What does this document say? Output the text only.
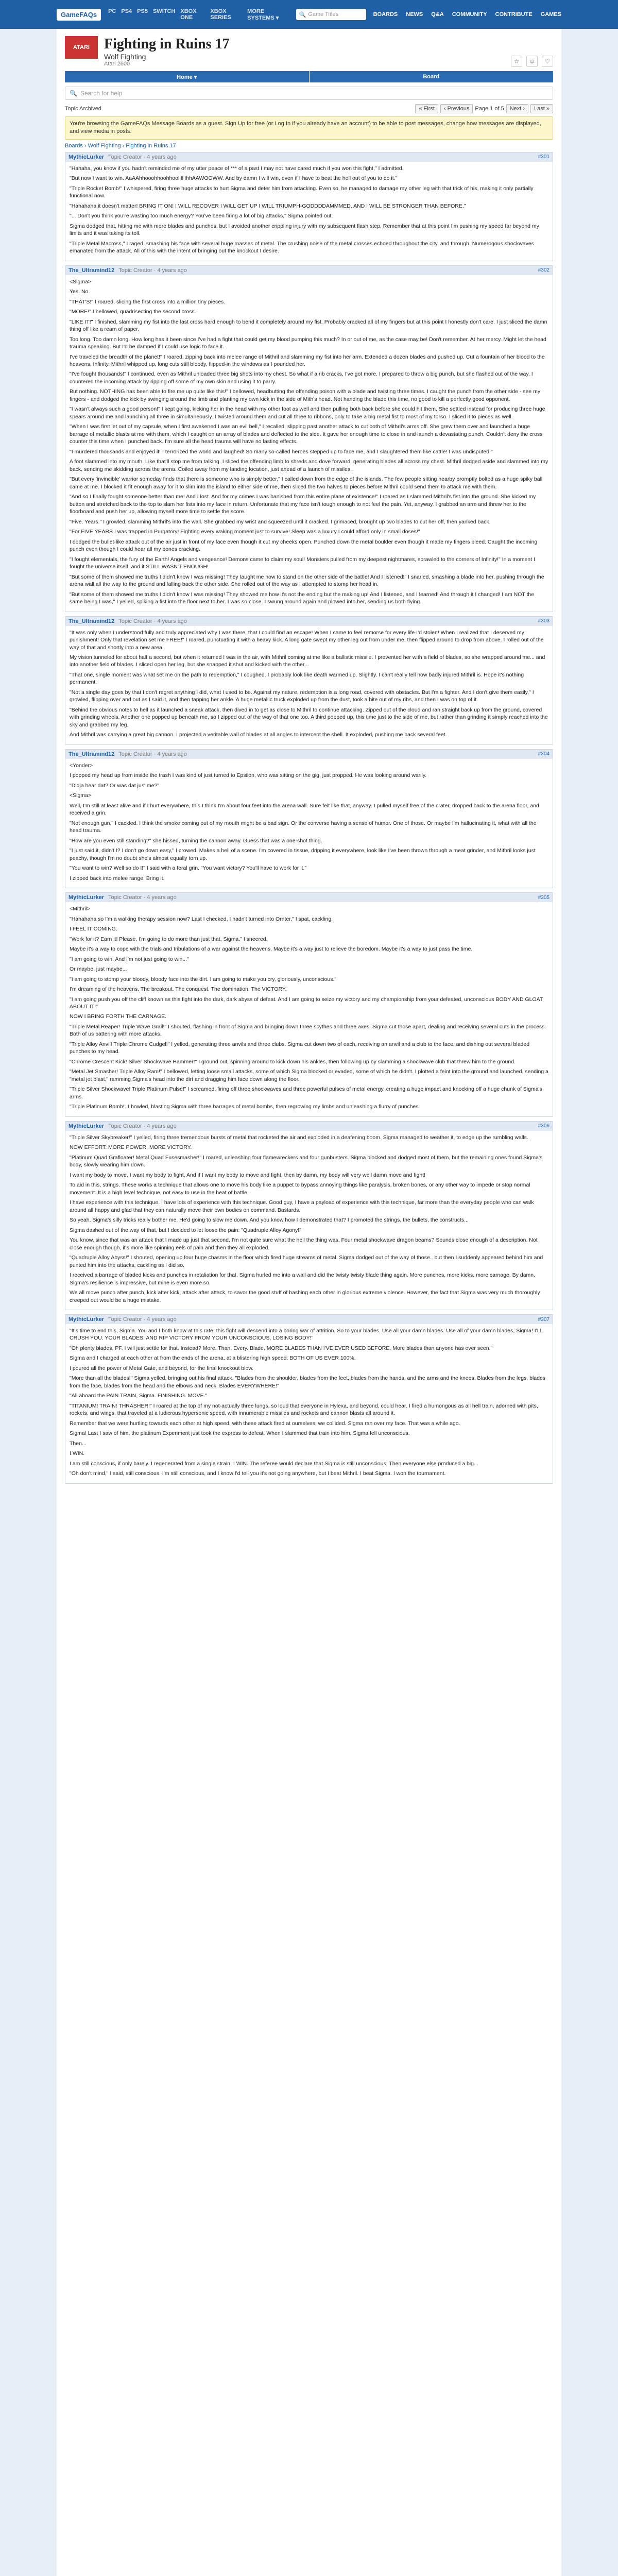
GameFAQs	PC PS4 PS5 SWITCH XBOX ONE
XBOX SERIES
MORE SYSTEMS ▾	🔍 Game Titles	BOARDS NEWS Q&A COMMUNITY CONTRIBUTE GAMES
ATARI	Fighting in Ruins 17
Wolf Fighting
Atari 2600	☆	☺	♡
Home ▾	Board
🔍 Search for help
Topic Archived	« First	‹ Previous	Page 1 of 5	Next ›	Last »
You're browsing the GameFAQs Message Boards as a guest. Sign Up for free (or Log In if you already have an account) to be able to post messages, change how messages are displayed, and view media in posts.
Boards › Wolf Fighting › Fighting in Ruins 17
MythicLurker Topic Creator · 4 years ago	#301

"Hahaha, you know if you hadn't reminded me of my utter peace of *** of a past I may not have cared much if you won this fight," I admitted.

"But now I want to win. AaAAhhooohhoohhooHHhhAAWOOWW. And by damn I will win, even if I have to beat the hell out of you to do it."

"Triple Rocket Bomb!" I whispered, firing three huge attacks to hurt Sigma and deter him from attacking. Even so, he managed to damage my other leg with that trick of his, making it only partially functional now.

"Hahahaha it doesn't matter! BRING IT ON! I WILL RECOVER I WILL GET UP I WILL TRIUMPH-GODDDDAMMMED. AND I WILL BE STRONGER THAN BEFORE."

"... Don't you think you're wasting too much energy? You've been firing a lot of big attacks," Sigma pointed out.

Sigma dodged that, hitting me with more blades and punches, but I avoided another crippling injury with my subsequent flash step. Remember that at this point I'm pushing my speed far beyond my limits and it was taking its toll.

"Triple Metal Macross," I raged, smashing his face with several huge masses of metal. The crushing noise of the metal crosses echoed throughout the city, and through. Numerogous shockwaves emanated from the attack. All of this with the intent of bringing out the knockout I desire.

The_Ultramind12 Topic Creator · 4 years ago	#302

<Sigma>

Yes. No.

"THAT'S!" I roared, slicing the first cross into a million tiny pieces.

"MORE!" I bellowed, quadrisecting the second cross.

"LIKE IT!" I finished, slamming my fist into the last cross hard enough to bend it completely around my fist. Probably cracked all of my fingers but at this point I honestly don't care. I just sliced the damn thing off like a ream of paper.

Too long. Too damn long. How long has it been since I've had a fight that could get my blood pumping this much? In or out of me, as the case may be! Don't remember. At her mercy. Might let the head trauma speaking. But I'd be damned if I could use logic to face it.

I've traveled the breadth of the planet!" I roared, zipping back into melee range of Mithril and slamming my fist into her arm. Extended a dozen blades and pushed up. Cut a fountain of her blood to the heavens. Infinity. Mithril whipped up, long cuts still bloody, flipped-in the windows as I pounded her.

"I've fought thousands!" I continued, even as Mithril unloaded three big shots into my chest. So what if a rib cracks, I've got more. I prepared to throw a big punch, but she flashed out of the way. I countered the incoming attack by ripping off some of my own skin and using it to parry.

But nothing. NOTHING has been able to fire me up quite like this!" I bellowed, headbutting the offending poison with a blade and twisting three times. I caught the punch from the other side - see my fingers - and dodged the kick by swinging around the limb and planting my own kick in the side of Mith's head. Not handing the blade this time, no good to kill a perfectly good opponent.

"I wasn't always such a good person!" I kept going, kicking her in the head with my other foot as well and then pulling both back before she could hit them. She settled instead for producing three huge spears around me and launching all three in simultaneously. I twisted around them and cut all three to ribbons, only to take a big metal fist to most of my torso. I sliced it to pieces as well.

"When I was first let out of my capsule, when I first awakened I was an evil bell," I recalled, slipping past another attack to cut both of Mithril's arms off. She grew them over and launched a huge barrage of metallic blasts at me with them, which I caught on an array of blades and deflected to the side. It gave her enough time to close in and launch a devastating punch. Couldn't deny the cross counter this time when I punched back. I'm sure all the head trauma will have no lasting effects.

"I murdered thousands and enjoyed it! I terrorized the world and laughed! So many so-called heroes stepped up to face me, and I slaughtered them like cattle! I was undisputed!"

A foot slammed into my mouth. Like that'll stop me from talking. I sliced the offending limb to shreds and dove forward, generating blades all across my chest. Mithril dodged aside and slammed into my back, sending me skidding across the arena. Coiled away from my landing location, just ahead of a launch of missiles.

"But every 'invincible' warrior someday finds that there is someone who is simply better," I called down from the edge of the islands. The few people sitting nearby promptly bolted as a huge spiky ball came at me. I blocked it fit enough away for it to slim into the island to either side of me, then sliced the two halves to pieces before Mithril could send them to attack me with them.

"And so I finally fought someone better than me! And I lost. And for my crimes I was banished from this entire plane of existence!" I roared as I slammed Mithril's fist into the ground. She kicked my button and stretched back to the top to slam her fists into my face in return. Unfortunate that my face isn't tough enough to not feel the pain. Yet, anyway. I grabbed an arm and threw her to the floorboard and push her up, allowing myself more time to settle the score.

"Five. Years." I growled, slamming Mithril's into the wall. She grabbed my wrist and squeezed until it cracked. I grimaced, brought up two blades to cut her off, then yanked back.

"For FIVE YEARS I was trapped in Purgatory! Fighting every waking moment just to survive! Sleep was a luxury I could afford only in small doses!"

I dodged the bullet-like attack out of the air just in front of my face even though it cut my cheeks open. Punched down the metal boulder even though it made my fingers bleed. Caught the incoming punch even though I could hear all my bones cracking.

"I fought elementals, the fury of the Earth! Angels and vengeance! Demons came to claim my soul! Monsters pulled from my deepest nightmares, sprawled to the corners of Infinity!" In a moment I fought the universe itself, and it STILL WASN'T ENOUGH!

"But some of them showed me truths I didn't know I was missing! They taught me how to stand on the other side of the battle! And I listened!" I snarled, smashing a blade into her, pushing through the arena wall all the way to the ground and falling back the other side. She rolled out of the way as I attempted to stomp her head in.

"But some of them showed me truths I didn't know I was missing! They showed me how it's not the ending but the making up! And I listened, and I learned! And through it I changed! I am NOT the same being I was," I yelled, spiking a fist into the floor next to her. I was so close. I swung around again and plowed into her, sending us both flying.

The_Ultramind12 Topic Creator · 4 years ago	#303

"It was only when I understood fully and truly appreciated why I was there, that I could find an escape! When I came to feel remorse for every life I'd stolen! When I realized that I deserved my punishment! Only that revelation set me FREE!" I roared, punctuating it with a heavy kick. A long gate swept my other leg out from under me, then flipped around to drop from above. I rolled out of the way of that and shortly into a new area.

My vision tunneled for about half a second, but when it returned I was in the air, with Mithril coming at me like a ballistic missile. I prevented her with a field of blades, so she wrapped around me... and into another field of blades. I sliced open her leg, but she snapped it shut and kicked with the other...

"That one, single moment was what set me on the path to redemption," I coughed. I probably look like death warmed up. Slightly. I can't really tell how badly injured Mithril is. Hope it's nothing permanent.

"Not a single day goes by that I don't regret anything I did, what I used to be. Against my nature, redemption is a long road, covered with obstacles. But I'm a fighter. And I don't give them easily," I growled, flipping over and out as I said it, and then tapping her ankle. A huge metallic truck exploded up from the dust, took a bite out of my ribs, and then I was on top of it.

"Behind the obvious notes to hell as it launched a sneak attack, then dived in to get as close to Mithril to continue attacking. Zipped out of the cloud and ran straight back up from the ground, covered with grinding wheels. Another one popped up beneath me, so I zipped out of the way of that one too. A third popped up, this time just to the side of me, but rather than grinding it simply reached into the sky and grabbed my leg.

And Mithril was carrying a great big cannon. I projected a veritable wall of blades at all angles to intercept the shell. It exploded, pushing me back several feet.

The_Ultramind12 Topic Creator · 4 years ago	#304

<Yonder>

I popped my head up from inside the trash I was kind of just turned to Epsilon, who was sitting on the gig, just propped. He was looking around warily.

"Didja hear dat? Or was dat jus' me?"

<Sigma>

Well, I'm still at least alive and if I hurt everywhere, this I think I'm about four feet into the arena wall. Sure felt like that, anyway. I pulled myself free of the crater, dropped back to the arena floor, and received a grin.

"Not enough gun," I cackled. I think the smoke coming out of my mouth might be a bad sign. Or the converse having a sense of humor. One of those. Or maybe I'm hallucinating it, what with all the head trauma.

"How are you even still standing?" she hissed, turning the cannon away. Guess that was a one-shot thing.

"I just said it, didn't I? I don't go down easy," I crowed. Makes a hell of a scene. I'm covered in tissue, dripping it everywhere, look like I've been thrown through a meat grinder, and Mithril looks just peachy, though I'm no doubt she's almost equally torn up.

"You want to win? Well so do I!" I said with a feral grin. "You want victory? You'll have to work for it."

I zipped back into melee range. Bring it.

MythicLurker Topic Creator · 4 years ago	#305

<Mithril>

"Hahahaha so I'm a walking therapy session now? Last I checked, I hadn't turned into Ornter," I spat, cackling.

I FEEL IT COMING.

"Work for it? Earn it! Please, I'm going to do more than just that, Sigma," I sneered.

Maybe it's a way to cope with the trials and tribulations of a war against the heavens. Maybe it's a way just to relieve the boredom. Maybe it's a way to just pass the time.

"I am going to win. And I'm not just going to win..."

Or maybe, just maybe...

"I am going to stomp your bloody, bloody face into the dirt. I am going to make you cry, gloriously, unconscious."

I'm dreaming of the heavens. The breakout. The conquest. The domination. The VICTORY.

"I am going push you off the cliff known as this fight into the dark, dark abyss of defeat. And I am going to seize my victory and my championship from your defeated, unconscious BODY AND GLOAT ABOUT IT!"

NOW I BRING FORTH THE CARNAGE.

"Triple Metal Reaper! Triple Wave Grail!" I shouted, flashing in front of Sigma and bringing down three scythes and three axes. Sigma cut those apart, dealing and receiving several cuts in the process. Both of us battering with more attacks.

"Triple Alloy Anvil! Triple Chrome Cudgel!" I yelled, generating three anvils and three clubs. Sigma cut down two of each, receiving an anvil and a club to the face, and dishing out several bladed punches to my head.

"Chrome Crescent Kick! Silver Shockwave Hammer!" I ground out, spinning around to kick down his ankles, then following up by slamming a shockwave club that threw him to the ground.

"Metal Jet Smasher! Triple Alloy Ram!" I bellowed, letting loose small attacks, some of which Sigma blocked or evaded, some of which he didn't. I plotted a feint into the ground and launched, sending a "metal jet blast," ramming Sigma's head into the dirt and dragging him face down along the floor.

"Triple Silver Shockwave! Triple Platinum Pulse!" I screamed, firing off three shockwaves and three powerful pulses of metal energy, creating a huge impact and knocking off a huge chunk of Sigma's arms.

"Triple Platinum Bomb!" I howled, blasting Sigma with three barrages of metal bombs, then regrowing my limbs and unleashing a flurry of punches.

MythicLurker Topic Creator · 4 years ago	#306

"Triple Silver Skybreaker!" I yelled, firing three tremendous bursts of metal that rocketed the air and exploded in a deafening boom. Sigma managed to weather it, to edge up the rumbling walls.

NOW EFFORT. MORE POWER. MORE VICTORY.

"Platinum Quad Grafloater! Metal Quad Fusesmasher!" I roared, unleashing four flamewreckers and four gunbusters. Sigma blocked and dodged most of them, but the remaining ones found Sigma's body, slowly wearing him down.

I want my body to move. I want my body to fight. And if I want my body to move and fight, then by damn, my body will very well damn move and fight!

To aid in this, strings. These works a technique that allows one to move his body like a puppet to bypass annoying things like paralysis, broken bones, or any other way to impede or stop normal movement. It is a high level technique, not easy to use in the heat of battle.

I have experience with this technique. I have lots of experience with this technique. Good guy, I have a payload of experience with this technique, far more than the everyday people who can walk around all happy and glad that they can naturally move their own bodies on command. Bastards.

So yeah, Sigma's silly tricks really bother me. He'd going to slow me down. And you know how I demonstrated that? I promoted the strings, the bullets, the constructs...

Sigma dashed out of the way of that, but I decided to let loose the pain: "Quadruple Alloy Agony!"

You know, since that was an attack that I made up just that second, I'm not quite sure what the hell the thing was. Four metal shockwave dragon beams? Sounds close enough of a description. Not close enough though, it's more like spinning eels of pain and then they all exploded.

"Quadruple Alloy Abyss!" I shouted, opening up four huge chasms in the floor which fired huge streams of metal. Sigma dodged out of the way of those.. but then I suddenly appeared behind him and punted him into the attacks, cackling as I did so.

I received a barrage of bladed kicks and punches in retaliation for that. Sigma hurled me into a wall and did the twisty twisty blade thing again. More punches, more kicks, more carnage. By damn, Sigma's resilience is impressive, but mine is even more so.

We all move punch after punch, kick after kick, attack after attack, to savor the good stuff of bashing each other in glorious extreme violence. However, the fact that Sigma was very much thoroughly creeped out would be a huge mistake.

MythicLurker Topic Creator · 4 years ago	#307

"It's time to end this, Sigma. You and I both know at this rate, this fight will descend into a boring war of attrition. So to your blades. Use all your damn blades. Use all of your damn blades, Sigma! I'LL CRUSH YOU. YOUR BLADES. AND RIP VICTORY FROM YOUR UNCONSCIOUS, LOSING BODY!"

"Oh plenty blades, PF. I will just settle for that. Instead? More. Than. Every. Blade. MORE BLADES THAN I'VE EVER USED BEFORE. More blades than anyone has ever seen."

Sigma and I charged at each other at from the ends of the arena, at a blistering high speed. BOTH OF US EVER 100%.

I poured all the power of Metal Gate, and beyond, for the final knockout blow.

"More than all the blades!" Sigma yelled, bringing out his final attack. "Blades from the shoulder, blades from the feet, blades from the hands, and the arms and the knees. Blades from the legs, blades from the face, blades from the head and the elbows and neck. Blades EVERYWHERE!"

"All aboard the PAIN TRAIN, Sigma. FINISHING. MOVE."

"TITANIUM! TRAIN! THRASHER!" I roared at the top of my not-actually three lungs, so loud that everyone in Hylexa, and beyond, could hear. I fired a humongous as all hell train, adorned with pits, rockets, and wings, that traveled at a ludicrous hypersonic speed, with innumerable missiles and rockets and cannon blasts all around it.

Remember that we were hurtling towards each other at high speed, with these attack fired at ourselves, we collided. Sigma ran over my face. That was a while ago.

Sigma! Last I saw of him, the platinum Experiment just took the express to defeat. When I slammed that train into him, Sigma fell unconscious.

Then...

I WIN.

I am still conscious, if only barely. I regenerated from a single strain. I WIN. The referee would declare that Sigma is still unconscious. Then everyone else produced a big...

"Oh don't mind," I said, still conscious. I'm still conscious, and I know I'd tell you it's not going anywhere, but I beat Mithril. I beat Sigma. I won the tournament.
